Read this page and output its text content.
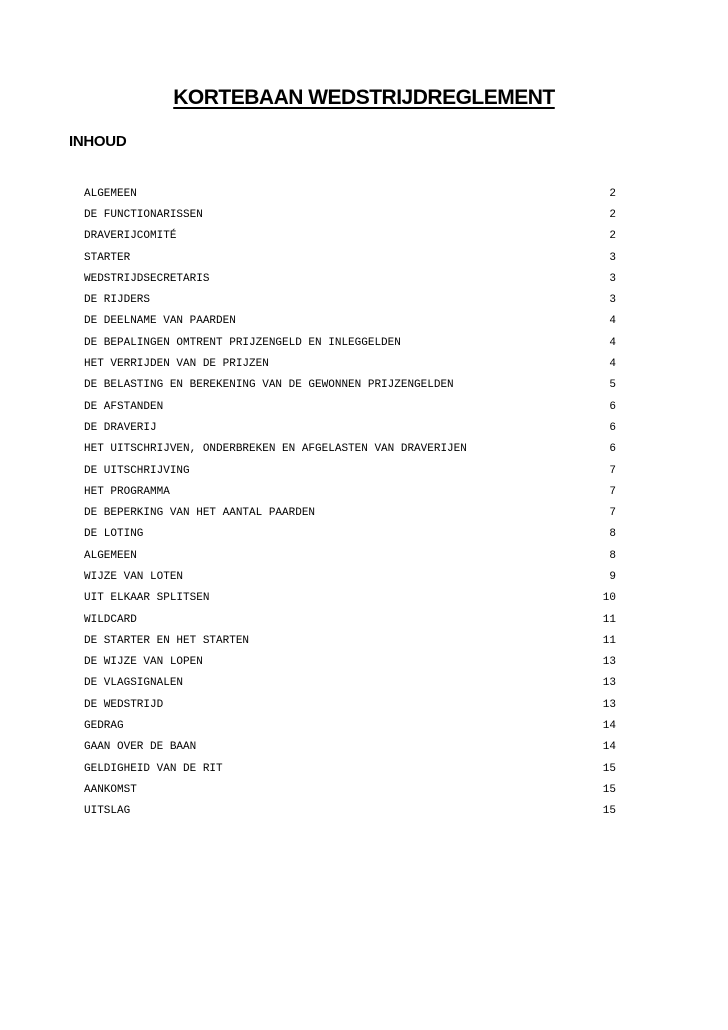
KORTEBAAN WEDSTRIJDREGLEMENT
INHOUD
ALGEMEEN	2
DE FUNCTIONARISSEN	2
DRAVERIJCOMITÉ	2
STARTER	3
WEDSTRIJDSECRETARIS	3
DE RIJDERS	3
DE DEELNAME VAN PAARDEN	4
DE BEPALINGEN OMTRENT PRIJZENGELD EN INLEGGELDEN	4
HET VERRIJDEN VAN DE PRIJZEN	4
DE BELASTING EN BEREKENING VAN DE GEWONNEN PRIJZENGELDEN	5
DE AFSTANDEN	6
DE DRAVERIJ	6
HET UITSCHRIJVEN, ONDERBREKEN EN AFGELASTEN VAN DRAVERIJEN	6
DE UITSCHRIJVING	7
HET PROGRAMMA	7
DE BEPERKING VAN HET AANTAL PAARDEN	7
DE LOTING	8
ALGEMEEN	8
WIJZE VAN LOTEN	9
UIT ELKAAR SPLITSEN	10
WILDCARD	11
DE STARTER EN HET STARTEN	11
DE WIJZE VAN LOPEN	13
DE VLAGSIGNALEN	13
DE WEDSTRIJD	13
GEDRAG	14
GAAN OVER DE BAAN	14
GELDIGHEID VAN DE RIT	15
AANKOMST	15
UITSLAG	15
